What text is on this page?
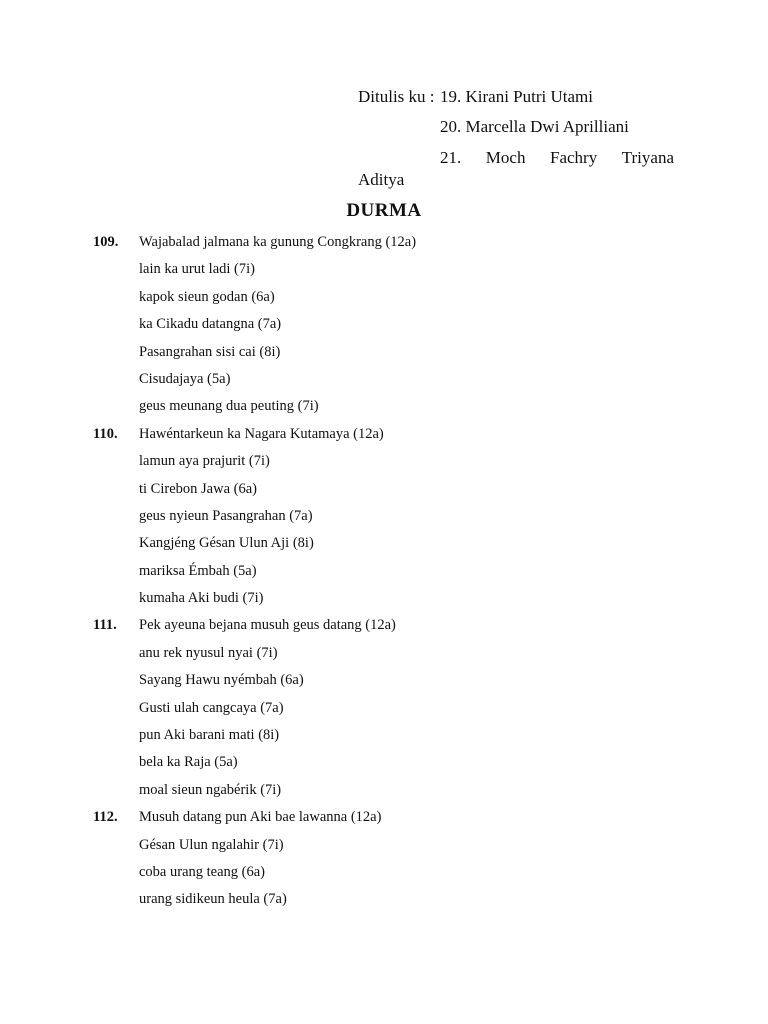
Ditulis ku : 19. Kirani Putri Utami
20. Marcella Dwi Aprilliani
21. Moch Fachry Triyana
Aditya
DURMA
109. Wajabalad jalmana ka gunung Congkrang (12a)
lain ka urut ladi (7i)
kapok sieun godan (6a)
ka Cikadu datangna (7a)
Pasangrahan sisi cai (8i)
Cisudajaya (5a)
geus meunang dua peuting (7i)
110. Hawéntarkeun ka Nagara Kutamaya (12a)
lamun aya prajurit (7i)
ti Cirebon Jawa (6a)
geus nyieun Pasangrahan (7a)
Kangjéng Gésan Ulun Aji (8i)
mariksa Émbah (5a)
kumaha Aki budi (7i)
111. Pek ayeuna bejana musuh geus datang (12a)
anu rek nyusul nyai (7i)
Sayang Hawu nyémbah (6a)
Gusti ulah cangcaya (7a)
pun Aki barani mati (8i)
bela ka Raja (5a)
moal sieun ngabérik (7i)
112. Musuh datang pun Aki bae lawanna (12a)
Gésan Ulun ngalahir (7i)
coba urang teang (6a)
urang sidikeun heula (7a)
